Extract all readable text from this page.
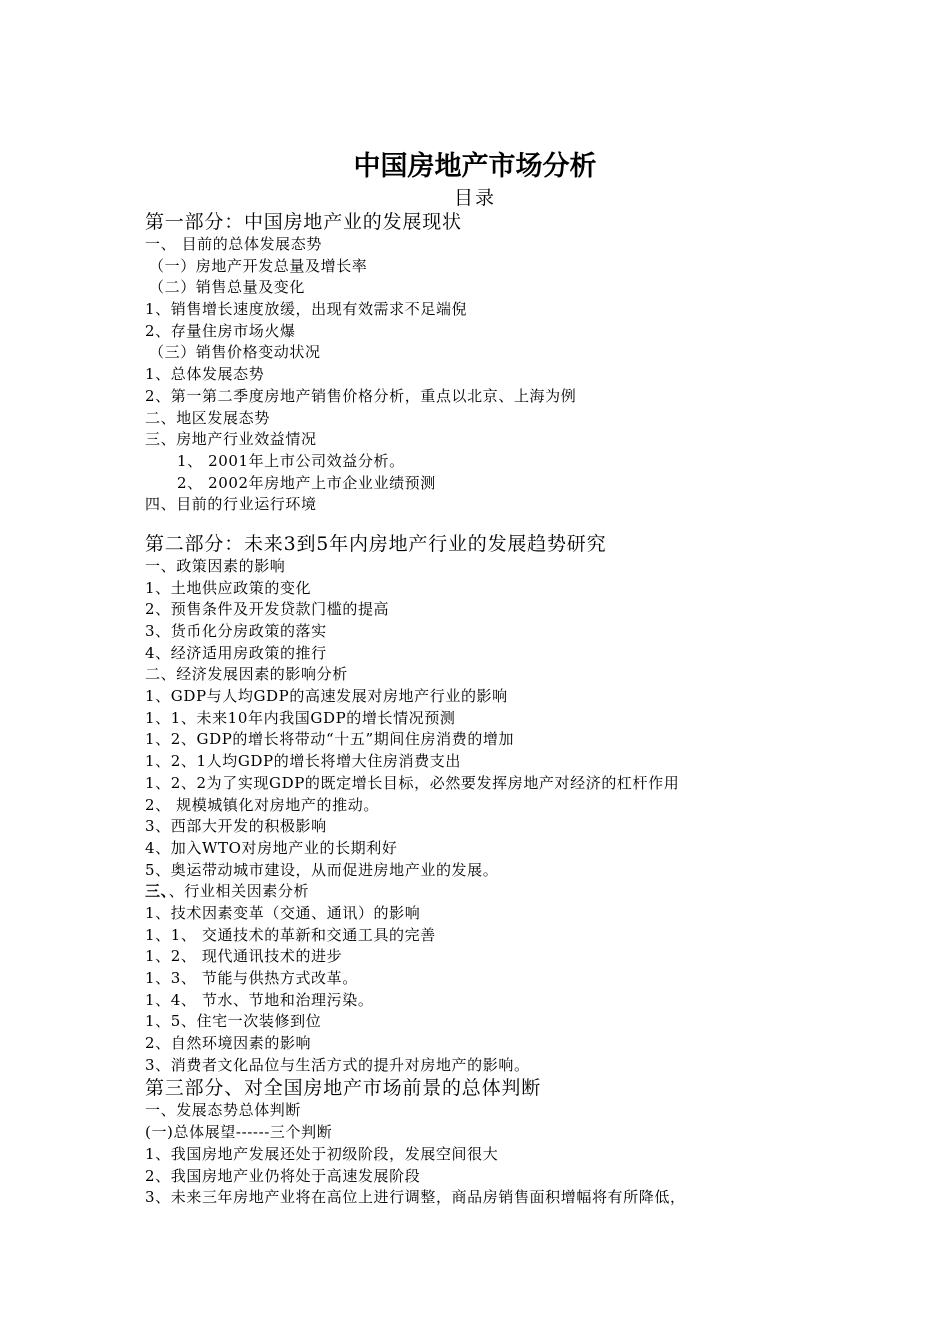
中国房地产市场分析
目录
第一部分：中国房地产业的发展现状
一、 目前的总体发展态势
（一）房地产开发总量及增长率
（二）销售总量及变化
1、销售增长速度放缓，出现有效需求不足端倪
2、存量住房市场火爆
（三）销售价格变动状况
1、总体发展态势
2、第一第二季度房地产销售价格分析，重点以北京、上海为例
二、地区发展态势
三、房地产行业效益情况
1、 2001年上市公司效益分析。
2、 2002年房地产上市企业业绩预测
四、目前的行业运行环境
第二部分：未来3到5年内房地产行业的发展趋势研究
一、政策因素的影响
1、土地供应政策的变化
2、预售条件及开发贷款门槛的提高
3、货币化分房政策的落实
4、经济适用房政策的推行
二、经济发展因素的影响分析
1、GDP与人均GDP的高速发展对房地产行业的影响
1、1、未来10年内我国GDP的增长情况预测
1、2、GDP的增长将带动“十五”期间住房消费的增加
1、2、1人均GDP的增长将增大住房消费支出
1、2、2为了实现GDP的既定增长目标，必然要发挥房地产对经济的杠杆作用
2、 规模城镇化对房地产的推动。
3、西部大开发的积极影响
4、加入WTO对房地产业的长期利好
5、奥运带动城市建设，从而促进房地产业的发展。
三、、行业相关因素分析
1、技术因素变革（交通、通讯）的影响
1、1、 交通技术的革新和交通工具的完善
1、2、 现代通讯技术的进步
1、3、 节能与供热方式改革。
1、4、 节水、节地和治理污染。
1、5、住宅一次装修到位
2、自然环境因素的影响
3、消费者文化品位与生活方式的提升对房地产的影响。
第三部分、对全国房地产市场前景的总体判断
一、发展态势总体判断
(一)总体展望------三个判断
1、我国房地产发展还处于初级阶段，发展空间很大
2、我国房地产业仍将处于高速发展阶段
3、未来三年房地产业将在高位上进行调整，商品房销售面积增幅将有所降低，
